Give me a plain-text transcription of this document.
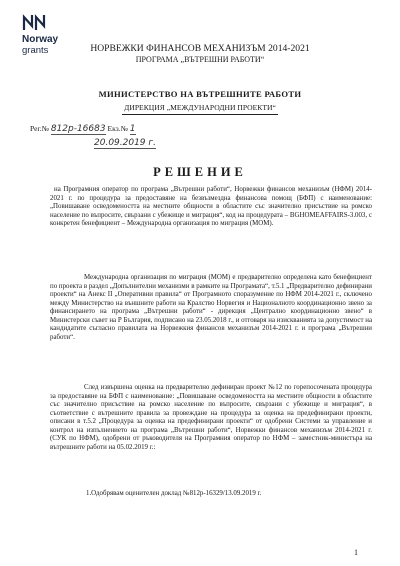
Norway
grants	НОРВЕЖКИ ФИНАНСОВ МЕХАНИЗЪМ 2014-2021
ПРОГРАМА „ВЪТРЕШНИ РАБОТИ“
МИНИСТЕРСТВО НА ВЪТРЕШНИТЕ РАБОТИ
ДИРЕКЦИЯ „МЕЖДУНАРОДНИ ПРОЕКТИ“
Рег.№ 812р-16683 Екз.№ 1
20.09.2019 г.
РЕШЕНИЕ
на Програмния оператор по програма „Вътрешни работи“, Норвежки финансов механизъм (НФМ) 2014-2021 г. по процедура за предоставяне на безвъзмездна финансова помощ (БФП) с наименование: „Повишаване осведомеността на местните общности в областите със значително присъствие на ромско население по въпросите, свързани с убежище и миграция“, код на процедурата – BGHOMEAFFAIRS-3.003, с конкретен бенефициент – Международна организация по миграция (МОМ).
Международна организация по миграция (МОМ) е предварително определена като бенефициент по проекта в раздел „Допълнителни механизми в рамките на Програмата“, т.5.1 „Предварително дефинирани проекти“ на Анекс II „Оперативни правила“ от Програмното споразумение по НФМ 2014-2021 г., сключено между Министерство на външните работи на Кралство Норвегия и Националното координационно звено за финансирането на програма „Вътрешни работи“ - дирекция „Централно координационно звено“ в Министерски съвет на Р България, подписано на 23.05.2018 г., и отговаря на изискванията за допустимост на кандидатите съгласно правилата на Норвежкия финансов механизъм 2014-2021 г. и програма „Вътрешни работи“.
След извършена оценка на предварително дефиниран проект №12 по горепосочената процедура за предоставяне на БФП с наименование: „Повишаване осведомеността на местните общности в областите със значително присъствие на ромско население по въпросите, свързани с убежище и миграция“, в съответствие с вътрешните правила за провеждане на процедура за оценка на предефинирани проекти, описани в т.5.2 „Процедура за оценка на предефинирани проекти“ от одобрени Системи за управление и контрол на изпълнението на програма „Вътрешни работи“, Норвежки финансов механизъм 2014-2021 г. (СУК по НФМ), одобрени от ръководителя на Програмния оператор по НФМ – заместник-министъра на вътрешните работи на 05.02.2019 г.:
1.Одобрявам оценителен доклад №812р-16329/13.09.2019 г.
1
